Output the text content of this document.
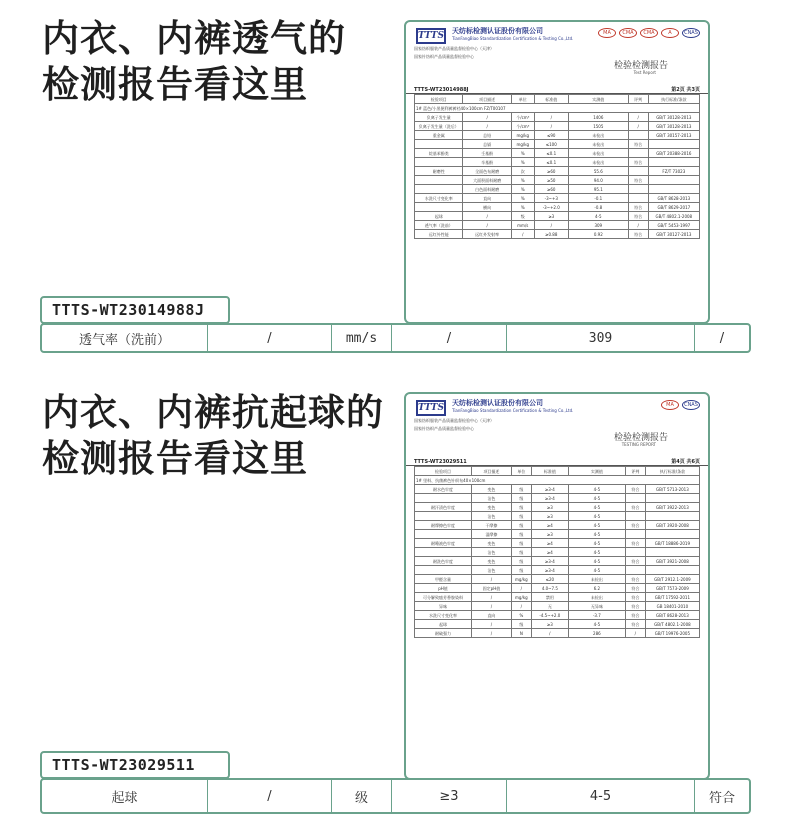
内衣、内裤透气的
检测报告看这里
TTTS 天纺标检测认证股份有限公司
TianFangBiao Standardization Certification & Testing Co.,Ltd.
国家纺织服装产品质量监督检验中心（天津）
国家针纺织产品质量监督检验中心
MA	CMA	CMA	A	CNAS
检验检测报告
Test Report
TTTS-WT23014988J	第2页 共3页
检验项目	项目描述	单位	标准值	实测值	评判	执行标准/条款
1# 蓝色/小黑便利裤裤裆40×100cm FZ/T00107						
负离子发生量	/	个/cm³	/	1406	/	GB/T 30128-2013
负离子发生量（洗后）	/	个/cm³	/	1505	/	GB/T 30128-2013
重金属	总铅	mg/kg	≤90	未检出		GB/T 30157-2013
	总镉	mg/kg	≤100	未检出	符合	
烷基苯酚类	壬基酚	%	≤0.1	未检出		GB/T 20388-2016
	辛基酚	%	≤0.1	未检出	符合	
耐磨性	全面色布耐磨	次	≥60	55.6		FZ/T 73023
	大面积面料耐磨	%	≥50	94.0	符合	
	白色面料耐磨	%	≥60	95.1		
水洗尺寸变化率	直向	%	-3~+3	-0.1		GB/T 8628-2013
	横向	%	-3~+2.0	-0.8	符合	GB/T 8629-2017
起球	/	级	≥3	4-5	符合	GB/T 4802.1-2008
透气率（洗前）	/	mm/s	/	309	/	GB/T 5453-1997
远红外性能	远红外发射率	/	≥0.88	0.92	符合	GB/T 30127-2013
TTTS-WT23014988J
透气率（洗前）	/	mm/s	/	309	/
内衣、内裤抗起球的
检测报告看这里
TTTS 天纺标检测认证股份有限公司
TianFangBiao Standardization Certification & Testing Co.,Ltd.
国家纺织服装产品质量监督检验中心（天津）
国家针纺织产品质量监督检验中心
MA	CNAS
检验检测报告
TESTING REPORT
TTTS-WT23029511	第4页 共6页
检验项目	项目描述	单位	标准值	实测值	评判	执行标准/条款
1# 里料、抗菌裤色针织布40×100cm						
耐水色牢度	变色	级	≥3-4	4-5	符合	GB/T 5713-2013
	沾色	级	≥3-4	4-5		
耐汗渍色牢度	变色	级	≥3	4-5	符合	GB/T 3922-2013
	沾色	级	≥3	4-5		
耐摩擦色牢度	干摩擦	级	≥4	4-5	符合	GB/T 3920-2008
	湿摩擦	级	≥3	4-5		
耐唾液色牢度	变色	级	≥4	4-5	符合	GB/T 18886-2019
	沾色	级	≥4	4-5		
耐洗色牢度	变色	级	≥3-4	4-5	符合	GB/T 3921-2008
	沾色	级	≥3-4	4-5		
甲醛含量	/	mg/kg	≤20	未检出	符合	GB/T 2912.1-2009
pH值	固定pH值	/	4.0~7.5	6.2	符合	GB/T 7573-2009
可分解致癌芳香胺染料	/	mg/kg	禁用	未检出	符合	GB/T 17592-2011
异味	/	/	无	无异味	符合	GB 18401-2010
水洗尺寸变化率	直向	%	-4.5~+2.0	-3.7	符合	GB/T 8628-2013
起球	/	级	≥3	4-5	符合	GB/T 4802.1-2008
耐破强力	/	N	/	286	/	GB/T 19976-2005
TTTS-WT23029511
起球	/	级	≥3	4-5	符合
